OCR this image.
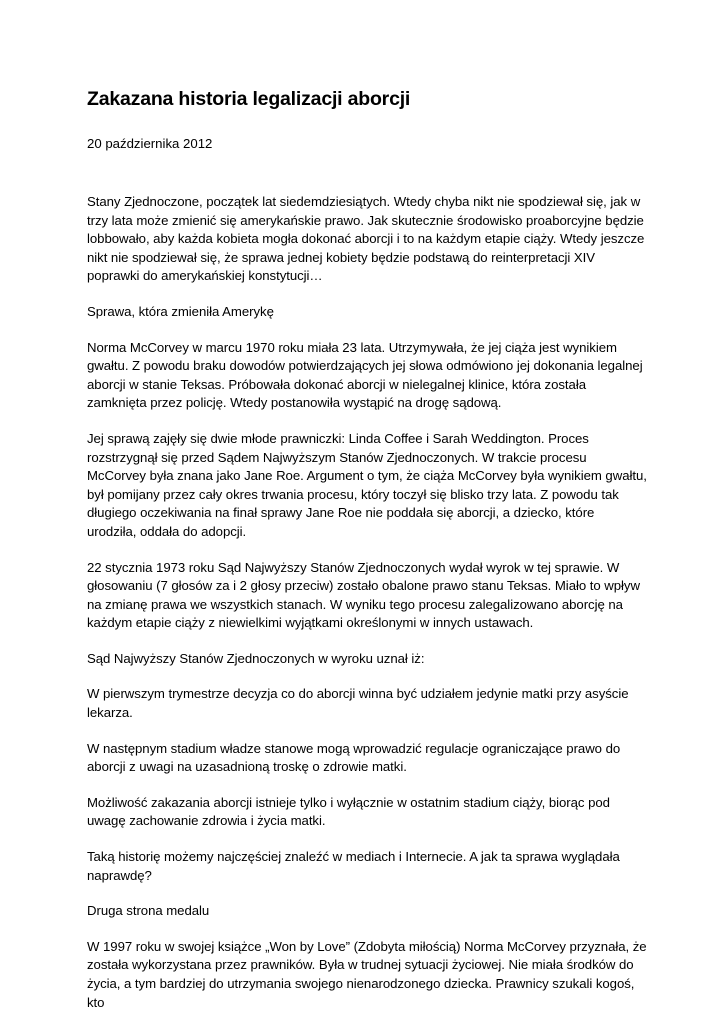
Zakazana historia legalizacji aborcji

20 października 2012

Stany Zjednoczone, początek lat siedemdziesiątych. Wtedy chyba nikt nie spodziewał się, jak w trzy lata może zmienić się amerykańskie prawo. Jak skutecznie środowisko proaborcyjne będzie lobbowało, aby każda kobieta mogła dokonać aborcji i to na każdym etapie ciąży. Wtedy jeszcze nikt nie spodziewał się, że sprawa jednej kobiety będzie podstawą do reinterpretacji XIV poprawki do amerykańskiej konstytucji…

Sprawa, która zmieniła Amerykę

Norma McCorvey w marcu 1970 roku miała 23 lata. Utrzymywała, że jej ciąża jest wynikiem gwałtu. Z powodu braku dowodów potwierdzających jej słowa odmówiono jej dokonania legalnej aborcji w stanie Teksas. Próbowała dokonać aborcji w nielegalnej klinice, która została zamknięta przez policję. Wtedy postanowiła wystąpić na drogę sądową.

Jej sprawą zajęły się dwie młode prawniczki: Linda Coffee i Sarah Weddington. Proces rozstrzygnął się przed Sądem Najwyższym Stanów Zjednoczonych. W trakcie procesu McCorvey była znana jako Jane Roe. Argument o tym, że ciąża McCorvey była wynikiem gwałtu, był pomijany przez cały okres trwania procesu, który toczył się blisko trzy lata. Z powodu tak długiego oczekiwania na finał sprawy Jane Roe nie poddała się aborcji, a dziecko, które urodziła, oddała do adopcji.

22 stycznia 1973 roku Sąd Najwyższy Stanów Zjednoczonych wydał wyrok w tej sprawie. W głosowaniu (7 głosów za i 2 głosy przeciw) zostało obalone prawo stanu Teksas. Miało to wpływ na zmianę prawa we wszystkich stanach. W wyniku tego procesu zalegalizowano aborcję na każdym etapie ciąży z niewielkimi wyjątkami określonymi w innych ustawach.

Sąd Najwyższy Stanów Zjednoczonych w wyroku uznał iż:

W pierwszym trymestrze decyzja co do aborcji winna być udziałem jedynie matki przy asyście lekarza.

W następnym stadium władze stanowe mogą wprowadzić regulacje ograniczające prawo do aborcji z uwagi na uzasadnioną troskę o zdrowie matki.

Możliwość zakazania aborcji istnieje tylko i wyłącznie w ostatnim stadium ciąży, biorąc pod uwagę zachowanie zdrowia i życia matki.

Taką historię możemy najczęściej znaleźć w mediach i Internecie. A jak ta sprawa wyglądała naprawdę?

Druga strona medalu

W 1997 roku w swojej książce „Won by Love” (Zdobyta miłością) Norma McCorvey przyznała, że została wykorzystana przez prawników. Była w trudnej sytuacji życiowej. Nie miała środków do życia, a tym bardziej do utrzymania swojego nienarodzonego dziecka. Prawnicy szukali kogoś, kto
